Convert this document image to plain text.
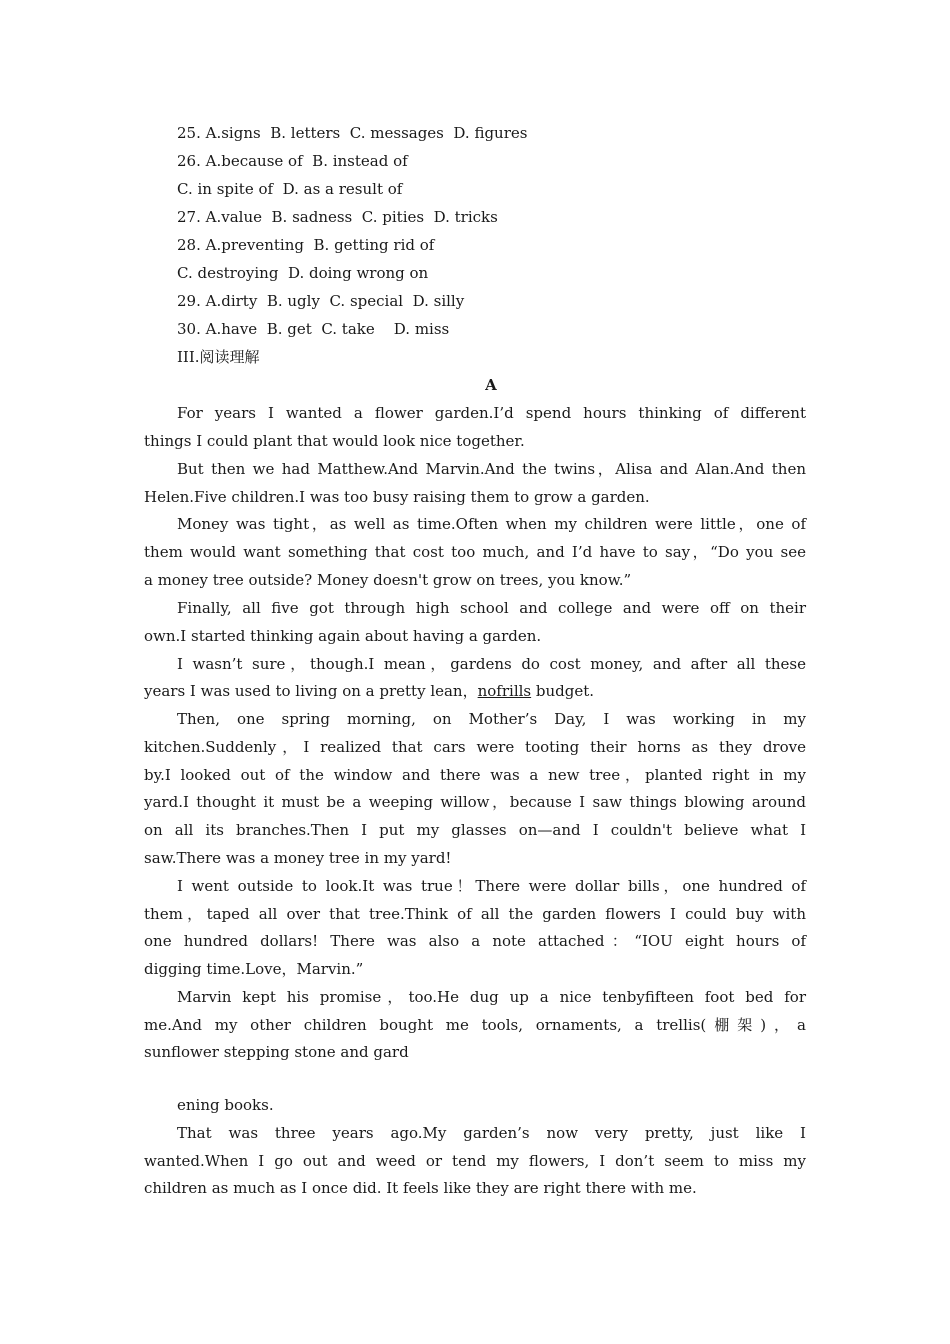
25. A.signs  B. letters  C. messages  D. figures
26. A.because of  B. instead of
C. in spite of  D. as a result of
27. A.value  B. sadness  C. pities  D. tricks
28. A.preventing  B. getting rid of
C. destroying  D. doing wrong on
29. A.dirty  B. ugly  C. special  D. silly
30. A.have  B. get  C. take    D. miss
III.阅读理解
A
For years I wanted a flower garden.I’d spend hours thinking of different
things I could plant that would look nice together.
But then we had Matthew.And Marvin.And the twins，Alisa and Alan.And then
Helen.Five children.I was too busy raising them to grow a garden.
Money was tight，as well as time.Often when my children were little，one of
them would want something that cost too much, and I’d have to say，“Do you see
a money tree outside? Money doesn't grow on trees, you know.”
Finally, all five got through high school and college and were off on their
own.I started thinking again about having a garden.
I wasn’t sure，though.I mean，gardens do cost money, and after all these
years I was used to living on a pretty lean，nofrills budget.
Then, one spring morning, on Mother’s Day, I was working in my
kitchen.Suddenly，I realized that cars were tooting their horns as they drove
by.I looked out of the window and there was a new tree，planted right in my
yard.I thought it must be a weeping willow，because I saw things blowing around
on all its branches.Then I put my glasses on—and I couldn't believe what I
saw.There was a money tree in my yard!
I went outside to look.It was true！There were dollar bills，one hundred of
them，taped all over that tree.Think of all the garden flowers I could buy with
one hundred dollars! There was also a note attached：“IOU eight hours of
digging time.Love，Marvin.”
Marvin kept his promise，too.He dug up a nice tenbyfifteen foot bed for
me.And my other children bought me tools, ornaments, a trellis(棚架)，a
sunflower stepping stone and gard
ening books.
That was three years ago.My garden’s now very pretty, just like I
wanted.When I go out and weed or tend my flowers, I don’t seem to miss my
children as much as I once did. It feels like they are right there with me.
